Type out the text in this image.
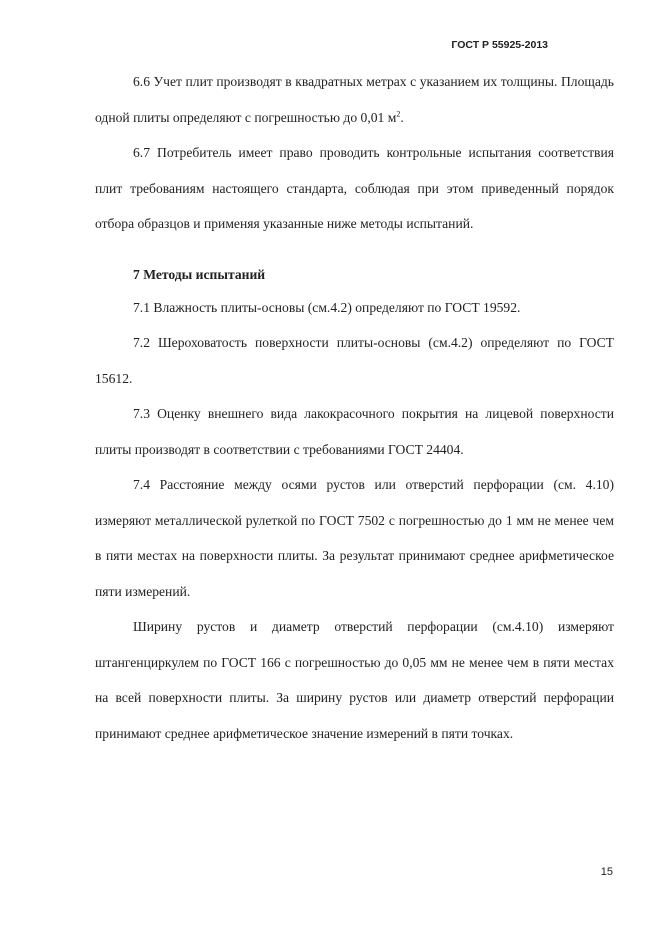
ГОСТ Р 55925-2013

6.6 Учет плит производят в квадратных метрах с указанием их толщины. Площадь одной плиты определяют с погрешностью до 0,01 $м^2$.

6.7 Потребитель имеет право проводить контрольные испытания соответствия плит требованиям настоящего стандарта, соблюдая при этом приведенный порядок отбора образцов и применяя указанные ниже методы испытаний.

7 Методы испытаний

7.1 Влажность плиты-основы (см.4.2) определяют по ГОСТ 19592.

7.2 Шероховатость поверхности плиты-основы (см.4.2) определяют по ГОСТ 15612.

7.3 Оценку внешнего вида лакокрасочного покрытия на лицевой поверхности плиты производят в соответствии с требованиями ГОСТ 24404.

7.4 Расстояние между осями рустов или отверстий перфорации (см. 4.10) измеряют металлической рулеткой по ГОСТ 7502 с погрешностью до 1 мм не менее чем в пяти местах на поверхности плиты. За результат принимают среднее арифметическое пяти измерений.

Ширину рустов и диаметр отверстий перфорации (см.4.10) измеряют штангенциркулем по ГОСТ 166 с погрешностью до 0,05 мм не менее чем в пяти местах на всей поверхности плиты. За ширину рустов или диаметр отверстий перфорации принимают среднее арифметическое значение измерений в пяти точках.

15
